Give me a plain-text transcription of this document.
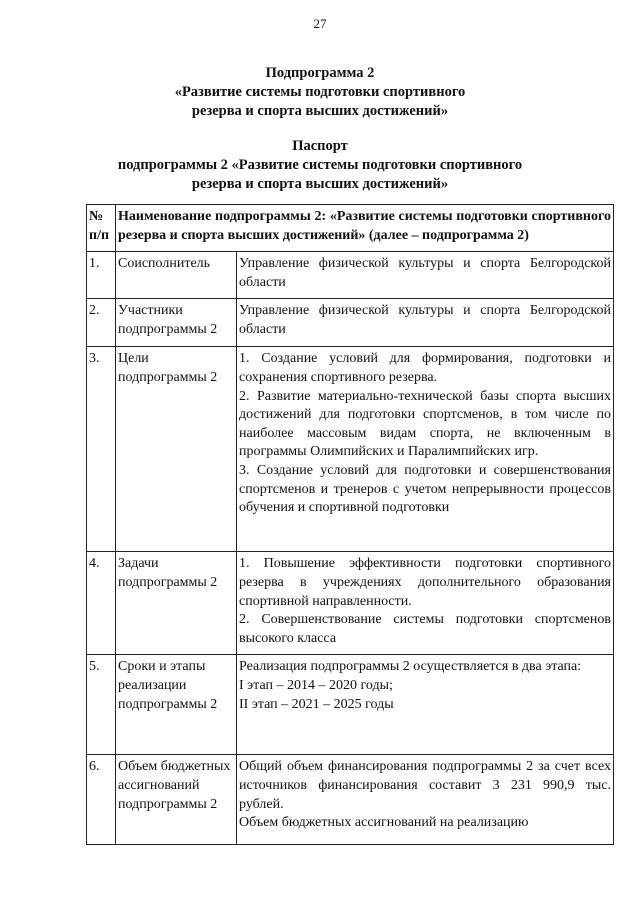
27
Подпрограмма 2
«Развитие системы подготовки спортивного
резерва и спорта высших достижений»
Паспорт
подпрограммы 2 «Развитие системы подготовки спортивного
резерва и спорта высших достижений»
№ п/п	Наименование подпрограммы 2: «Развитие системы подготовки спортивного резерва и спорта высших достижений» (далее – подпрограмма 2)	
1.	Соисполнитель	Управление физической культуры и спорта Белгородской области

2.	Участники подпрограммы 2	Управление физической культуры и спорта Белгородской области

3.	Цели подпрограммы 2	1. Создание условий для формирования, подготовки и сохранения спортивного резерва.
2. Развитие материально-технической базы спорта высших достижений для подготовки спортсменов, в том числе по наиболее массовым видам спорта, не включенным в программы Олимпийских и Паралимпийских игр.
3. Создание условий для подготовки и совершенствования спортсменов и тренеров с учетом непрерывности процессов обучения и спортивной подготовки

4.	Задачи подпрограммы 2	1. Повышение эффективности подготовки спортивного резерва в учреждениях дополнительного образования спортивной направленности.
2. Совершенствование системы подготовки спортсменов высокого класса

5.	Сроки и этапы реализации подпрограммы 2	Реализация подпрограммы 2 осуществляется в два этапа:
I этап – 2014 – 2020 годы;
II этап – 2021 – 2025 годы

6.	Объем бюджетных ассигнований подпрограммы 2	Общий объем финансирования подпрограммы 2 за счет всех источников финансирования составит 3 231 990,9 тыс. рублей.
Объем бюджетных ассигнований на реализацию
